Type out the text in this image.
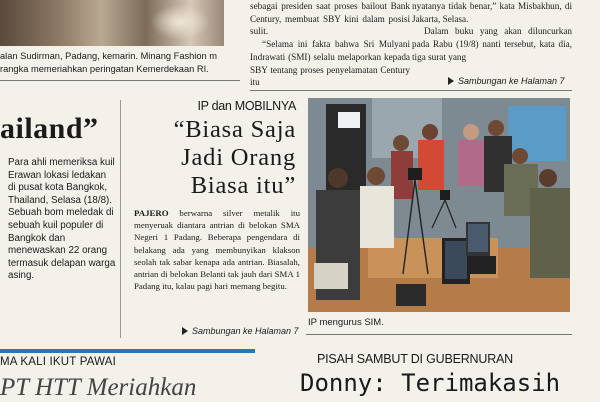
alan Sudirman, Padang, kemarin. Minang Fashion m rangka memeriahkan peringatan Kemerdekaan RI.

sebagai presiden saat proses bailout Bank Century, membuat SBY kini dalam posisi sulit.

“Selama ini fakta bahwa Sri Mulyani Indrawati (SMI) selalu melaporkan kepada SBY tentang proses penyelamatan Century itu

nyatanya tidak benar,” kata Misbakhun, di Jakarta, Selasa.

Dalam buku yang akan diluncurkan pada Rabu (19/8) nanti tersebut, kata dia, tiga surat yang

Sambungan ke Halaman 7
ailand”

Para ahli memeriksa kuil Erawan lokasi ledakan di pusat kota Bangkok, Thailand, Selasa (18/8). Sebuah bom meledak di sebuah kuil populer di Bangkok dan menewaskan 22 orang termasuk delapan warga asing.

IP dan MOBILNYA
“Biasa Saja Jadi Orang Biasa itu”

PAJERO berwarna silver metalik itu menyeruak diantara antrian di belokan SMA Negeri 1 Padang. Beberapa pengendara di belakang ada yang membunyikan klakson seolah tak sabar kenapa ada antrian. Biasalah, antrian di belokan Belanti tak jauh dari SMA 1 Padang itu, kalau pagi hari memang begitu.

Sambungan ke Halaman 7
IP mengurus SIM.
MA KALI IKUT PAWAI
PT HTT Meriahkan
PISAH SAMBUT DI GUBERNURAN
Donny: Terimakasih
